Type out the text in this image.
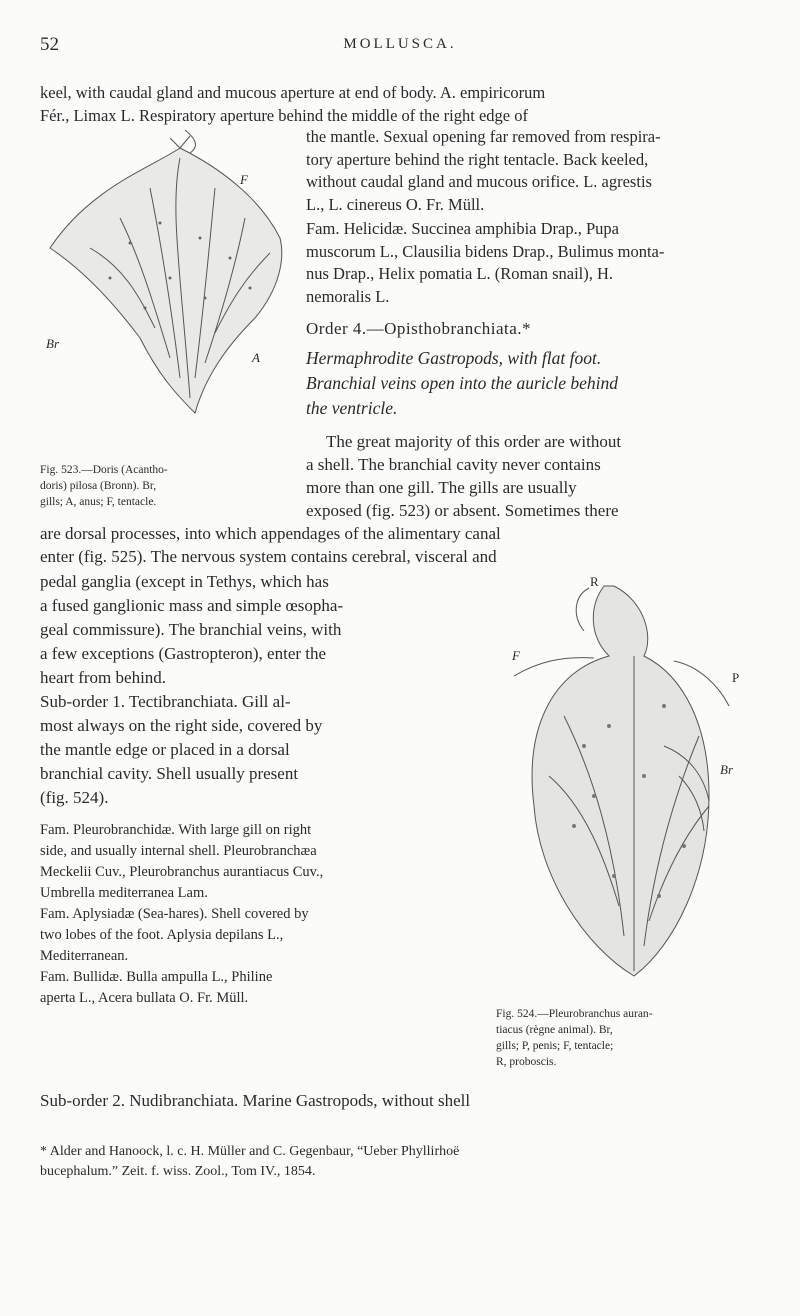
52	MOLLUSCA.
keel, with caudal gland and mucous aperture at end of body. A. empiricorum
Fér., Limax L. Respiratory aperture behind the middle of the right edge of
F
Br
A
the mantle. Sexual opening far removed from respira-
tory aperture behind the right tentacle. Back keeled,
without caudal gland and mucous orifice. L. agrestis
L., L. cinereus O. Fr. Müll.
Fam. Helicidæ. Succinea amphibia Drap., Pupa
muscorum L., Clausilia bidens Drap., Bulimus monta-
nus Drap., Helix pomatia L. (Roman snail), H.
nemoralis L.
Order 4.—Opisthobranchiata.*
Hermaphrodite Gastropods, with flat foot.
Branchial veins open into the auricle behind
the ventricle.
The great majority of this order are without
a shell. The branchial cavity never contains
more than one gill. The gills are usually
exposed (fig. 523) or absent. Sometimes there
Fig. 523.—Doris (Acantho-
doris) pilosa (Bronn). Br,
gills; A, anus; F, tentacle.
are dorsal processes, into which appendages of the alimentary canal
enter (fig. 525). The nervous system contains cerebral, visceral and
pedal ganglia (except in Tethys, which has
a fused ganglionic mass and simple œsopha-
geal commissure). The branchial veins, with
a few exceptions (Gastropteron), enter the
heart from behind.
Sub-order 1. Tectibranchiata. Gill al-
most always on the right side, covered by
the mantle edge or placed in a dorsal
branchial cavity. Shell usually present
(fig. 524).
Fam. Pleurobranchidæ. With large gill on right
side, and usually internal shell. Pleurobranchæa
Meckelii Cuv., Pleurobranchus aurantiacus Cuv.,
Umbrella mediterranea Lam.
Fam. Aplysiadæ (Sea-hares). Shell covered by
two lobes of the foot. Aplysia depilans L.,
Mediterranean.
Fam. Bullidæ. Bulla ampulla L., Philine
aperta L., Acera bullata O. Fr. Müll.
R
F
P
Br
Fig. 524.—Pleurobranchus auran-
tiacus (règne animal). Br,
gills; P, penis; F, tentacle;
R, proboscis.
Sub-order 2. Nudibranchiata. Marine Gastropods, without shell
* Alder and Hanoock, l. c. H. Müller and C. Gegenbaur, “Ueber Phyllirhoë
bucephalum.” Zeit. f. wiss. Zool., Tom IV., 1854.
